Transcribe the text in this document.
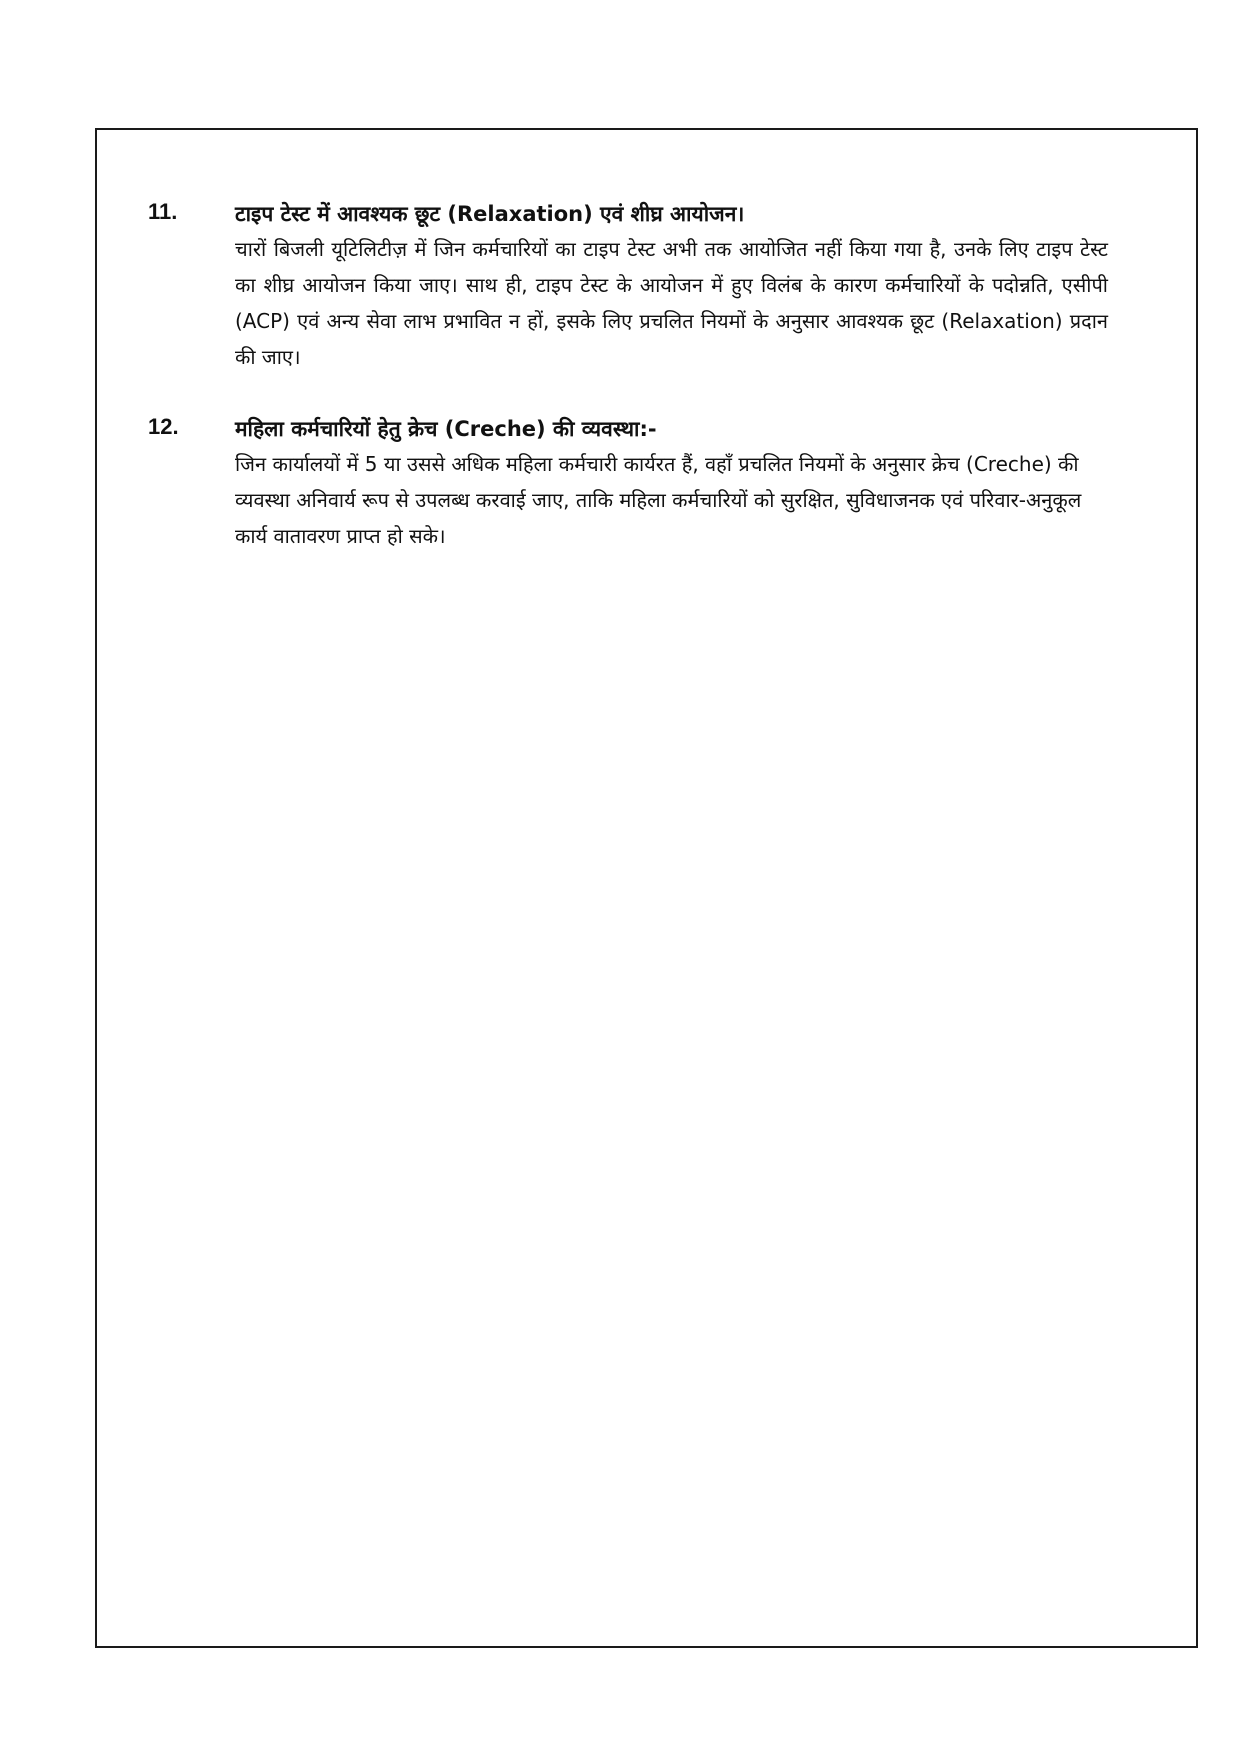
11.	टाइप टेस्ट में आवश्यक छूट (Relaxation) एवं शीघ्र आयोजन।
चारों बिजली यूटिलिटीज़ में जिन कर्मचारियों का टाइप टेस्ट अभी तक आयोजित नहीं किया गया है, उनके लिए टाइप टेस्ट का शीघ्र आयोजन किया जाए। साथ ही, टाइप टेस्ट के आयोजन में हुए विलंब के कारण कर्मचारियों के पदोन्नति, एसीपी (ACP) एवं अन्य सेवा लाभ प्रभावित न हों, इसके लिए प्रचलित नियमों के अनुसार आवश्यक छूट (Relaxation) प्रदान की जाए।
12.	महिला कर्मचारियों हेतु क्रेच (Creche) की व्यवस्था:-
जिन कार्यालयों में 5 या उससे अधिक महिला कर्मचारी कार्यरत हैं, वहाँ प्रचलित नियमों के अनुसार क्रेच (Creche) की व्यवस्था अनिवार्य रूप से उपलब्ध करवाई जाए, ताकि महिला कर्मचारियों को सुरक्षित, सुविधाजनक एवं परिवार-अनुकूल कार्य वातावरण प्राप्त हो सके।
